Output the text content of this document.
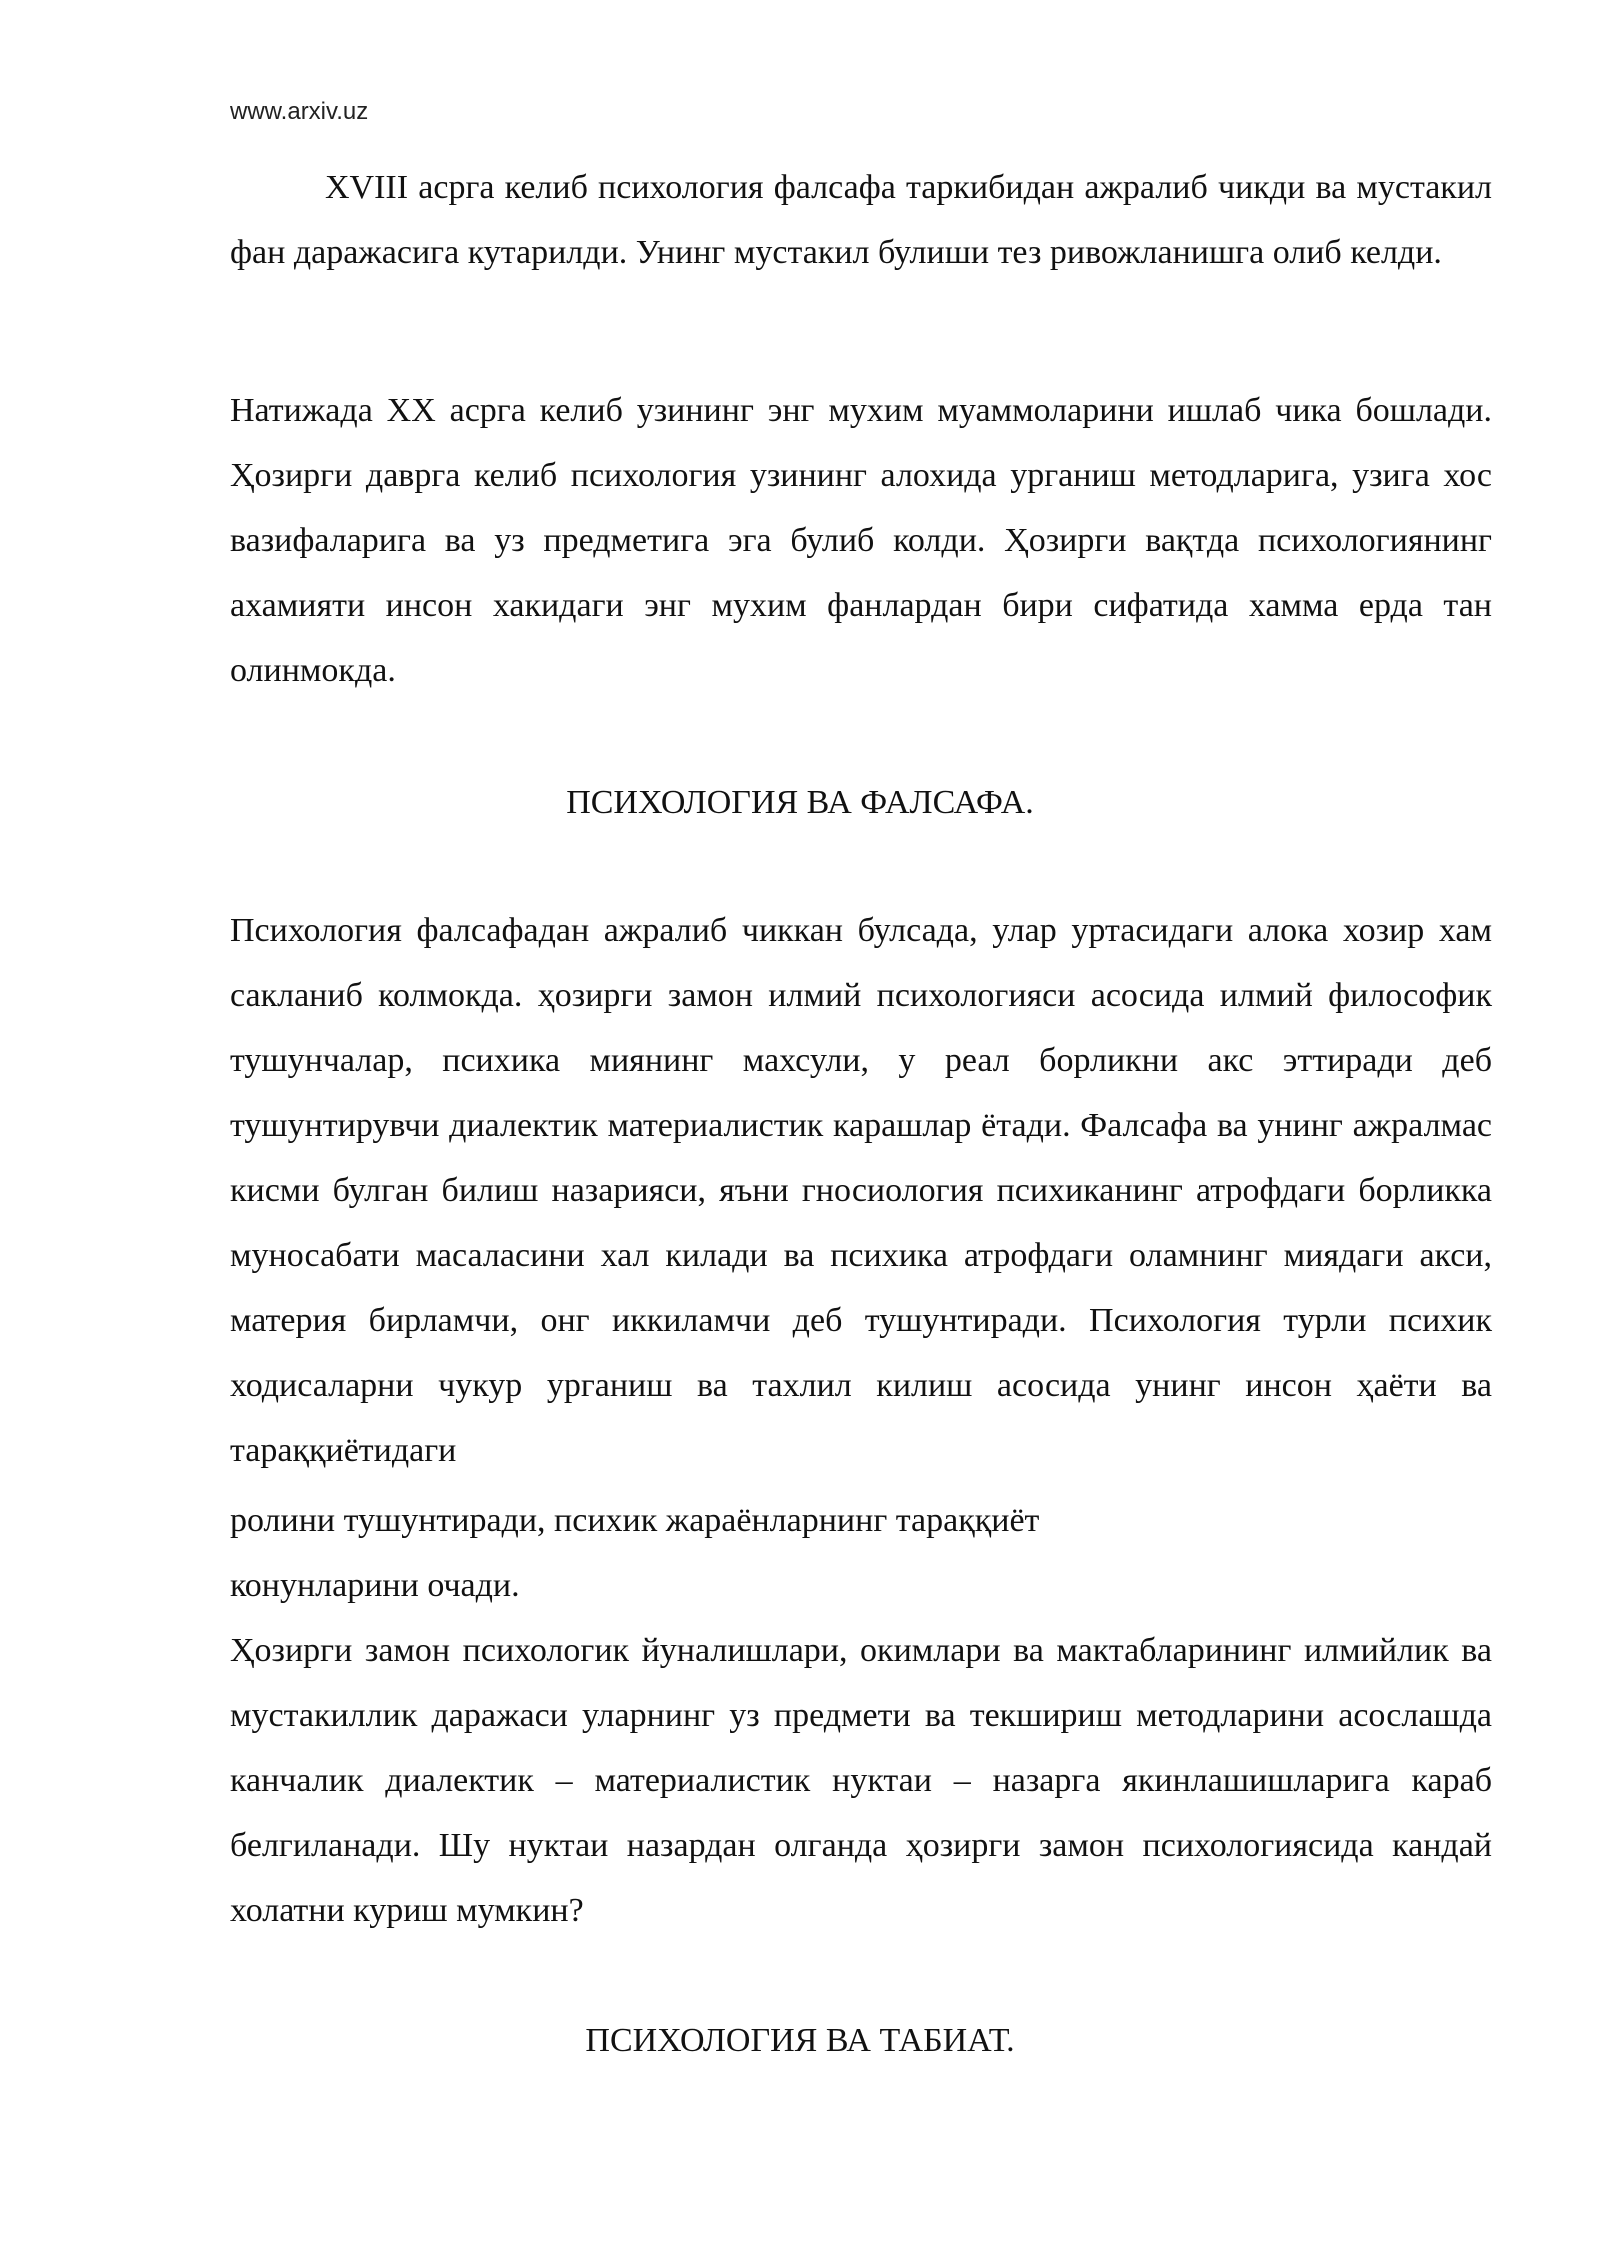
www.arxiv.uz

XVIII асрга келиб психология фалсафа таркибидан ажралиб чикди ва мустакил фан даражасига кутарилди. Унинг мустакил булиши тез ривожланишга олиб келди.

Натижада XX асрга келиб узининг энг мухим муаммоларини ишлаб чика бошлади. Ҳозирги даврга келиб психология узининг алохида урганиш методларига, узига хос вазифаларига ва уз предметига эга булиб колди. Ҳозирги вақтда психологиянинг ахамияти инсон хакидаги энг мухим фанлардан бири сифатида хамма ерда тан олинмокда.

ПСИХОЛОГИЯ ВА ФАЛСАФА.

Психология фалсафадан ажралиб чиккан булсада, улар уртасидаги алока хозир хам сакланиб колмокда. ҳозирги замон илмий психологияси асосида илмий философик тушунчалар, психика миянинг махсули, у реал борликни акс эттиради деб тушунтирувчи диалектик материалистик карашлар ётади. Фалсафа ва унинг ажралмас кисми булган билиш назарияси, яъни гносиология психиканинг атрофдаги борликка муносабати масаласини хал килади ва психика атрофдаги оламнинг миядаги акси, материя бирламчи, онг иккиламчи деб тушунтиради. Психология турли психик ходисаларни чукур урганиш ва тахлил килиш асосида унинг инсон ҳаёти ва тараққиётидаги

ролини тушунтиради, психик жараёнларнинг тараққиёт

конунларини очади.

Ҳозирги замон психологик йуналишлари, окимлари ва мактабларининг илмийлик ва мустакиллик даражаси уларнинг уз предмети ва текшириш методларини асослашда канчалик диалектик – материалистик нуктаи – назарга якинлашишларига караб белгиланади. Шу нуктаи назардан олганда ҳозирги замон психологиясида кандай холатни куриш мумкин?

ПСИХОЛОГИЯ ВА ТАБИАТ.
